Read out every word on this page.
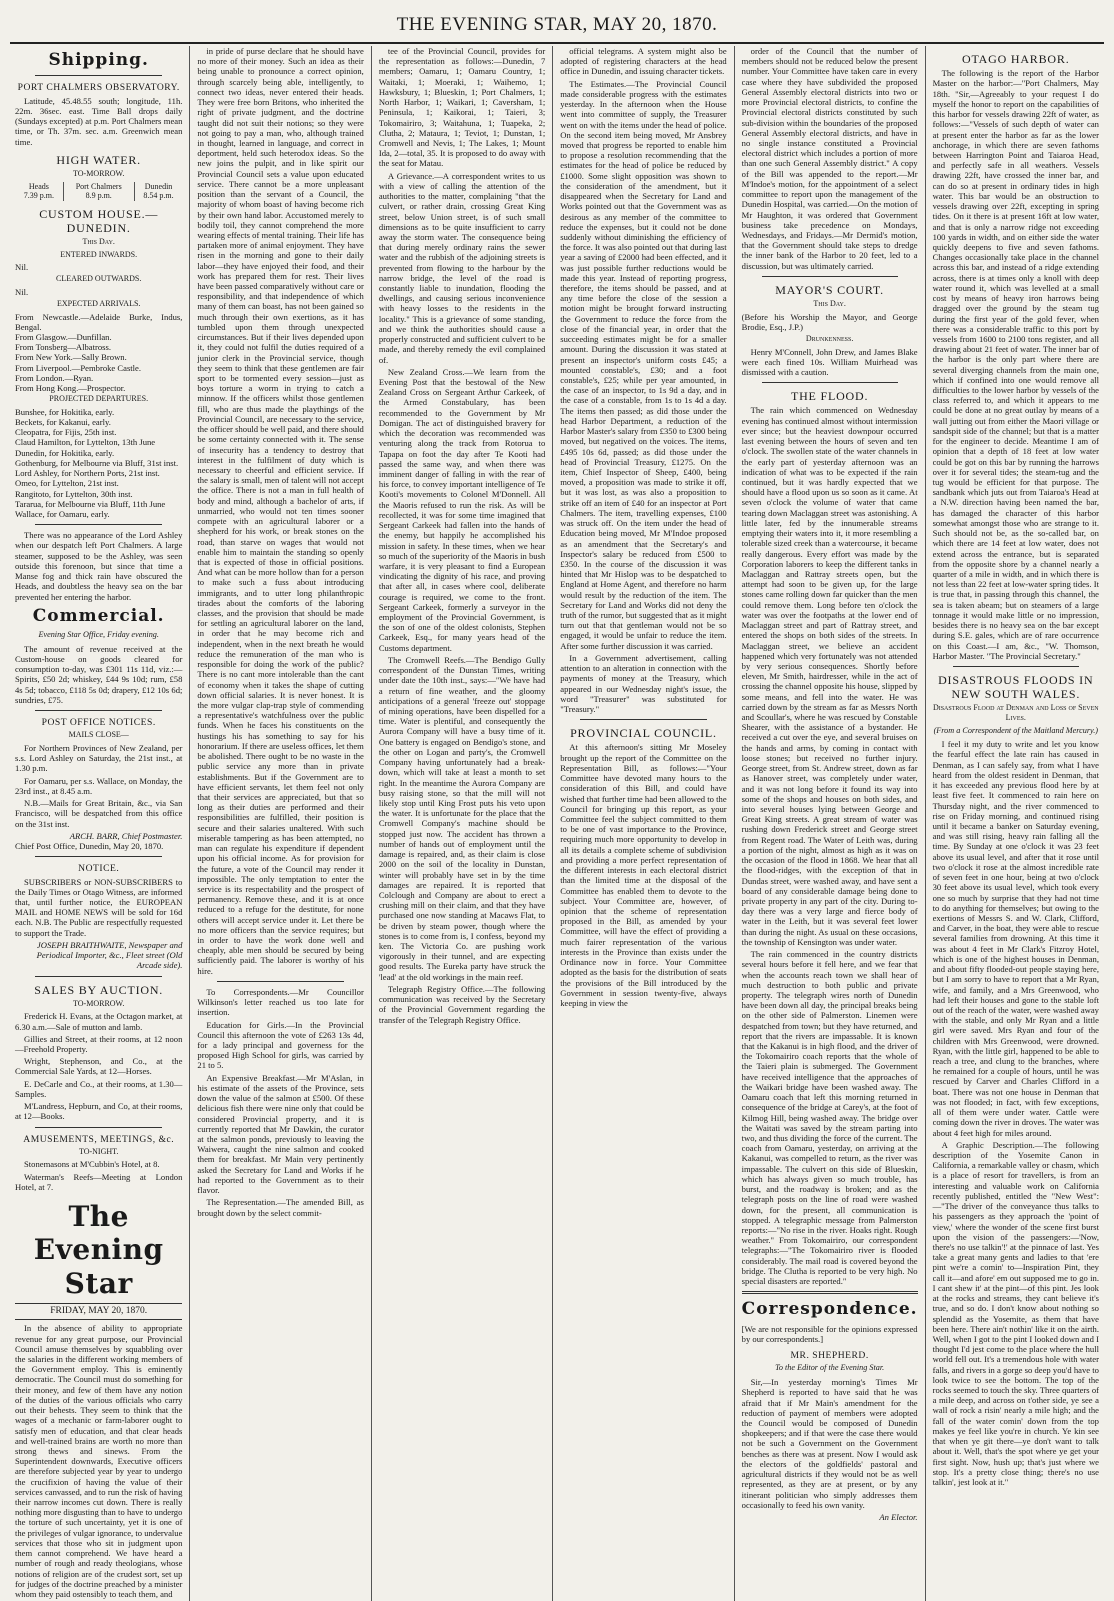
THE EVENING STAR, MAY 20, 1870.
Shipping.
PORT CHALMERS OBSERVATORY.

Latitude, 45.48.55 south; longitude, 11h. 22m. 36sec. east. Time Ball drops daily (Sundays excepted) at p.m. Port Chalmers mean time, or Th. 37m. sec. a.m. Greenwich mean time.

HIGH WATER.
TO-MORROW.
Heads	Port Chalmers	Dunedin
7.39 p.m.	8.9 p.m.	8.54 p.m.
CUSTOM HOUSE.—DUNEDIN.
This Day.
ENTERED INWARDS.

Nil.

CLEARED OUTWARDS.

Nil.

EXPECTED ARRIVALS.
From Newcastle.—Adelaide Burke, Indus, Bengal.
From Glasgow.—Dunfillan.
From Tonsberg—Albatross.
From New York.—Sally Brown.
From Liverpool.—Pembroke Castle.
From London.—Ryan.
From Hong Kong.—Prospector.
PROJECTED DEPARTURES.
Bunshee, for Hokitika, early.
Beckets, for Kakanui, early.
Cleopatra, for Fijis, 25th inst.
Claud Hamilton, for Lyttelton, 13th June
Dunedin, for Hokitika, early.
Gothenburg, for Melbourne via Bluff, 31st inst.
Lord Ashley, for Northern Ports, 21st inst.
Omeo, for Lyttelton, 21st inst.
Rangitoto, for Lyttelton, 30th inst.
Tararua, for Melbourne via Bluff, 11th June
Wallace, for Oamaru, early.

There was no appearance of the Lord Ashley when our despatch left Port Chalmers. A large steamer, supposed to be the Ashley, was seen outside this forenoon, but since that time a Manse fog and thick rain have obscured the Heads, and doubtless the heavy sea on the bar prevented her entering the harbor.

Commercial.
Evening Star Office, Friday evening.

The amount of revenue received at the Custom-house on goods cleared for consumption to-day, was £301 11s 11d, viz.:—Spirits, £50 2d; whiskey, £44 9s 10d; rum, £58 4s 5d; tobacco, £118 5s 0d; drapery, £12 10s 6d; sundries, £75.

POST OFFICE NOTICES.
MAILS CLOSE—

For Northern Provinces of New Zealand, per s.s. Lord Ashley on Saturday, the 21st inst., at 1.30 p.m.

For Oamaru, per s.s. Wallace, on Monday, the 23rd inst., at 8.45 a.m.

N.B.—Mails for Great Britain, &c., via San Francisco, will be despatched from this office on the 31st inst.

ARCH. BARR, Chief Postmaster.

Chief Post Office, Dunedin, May 20, 1870.

NOTICE.

SUBSCRIBERS or NON-SUBSCRIBERS to the Daily Times or Otago Witness, are informed that, until further notice, the EUROPEAN MAIL and HOME NEWS will be sold for 16d each. N.B. The Public are respectfully requested to support the Trade.

JOSEPH BRAITHWAITE, Newspaper and Periodical Importer, &c., Fleet street (Old Arcade side).
SALES BY AUCTION.
TO-MORROW.

Frederick H. Evans, at the Octagon market, at 6.30 a.m.—Sale of mutton and lamb.

Gillies and Street, at their rooms, at 12 noon—Freehold Property.

Wright, Stephenson, and Co., at the Commercial Sale Yards, at 12—Horses.

E. DeCarle and Co., at their rooms, at 1.30—Samples.

M'Landress, Hepburn, and Co, at their rooms, at 12—Books.

AMUSEMENTS, MEETINGS, &c.
TO-NIGHT.

Stonemasons at M'Cubbin's Hotel, at 8.

Waterman's Reefs—Meeting at London Hotel, at 7.

The Evening Star
FRIDAY, MAY 20, 1870.

In the absence of ability to appropriate revenue for any great purpose, our Provincial Council amuse themselves by squabbling over the salaries in the different working members of the Government employ. This is eminently democratic. The Council must do something for their money, and few of them have any notion of the duties of the various officials who carry out their behests. They seem to think that the wages of a mechanic or farm-laborer ought to satisfy men of education, and that clear heads and well-trained brains are worth no more than strong thews and sinews. From the Superintendent downwards, Executive officers are therefore subjected year by year to undergo the crucifixion of having the value of their services canvassed, and to run the risk of having their narrow incomes cut down. There is really nothing more disgusting than to have to undergo the torture of such uncertainty, yet it is one of the privileges of vulgar ignorance, to undervalue services that those who sit in judgment upon them cannot comprehend. We have heard a number of rough and ready theologians, whose notions of religion are of the crudest sort, set up for judges of the doctrine preached by a minister whom they paid ostensibly to teach them, and

in pride of purse declare that he should have no more of their money. Such an idea as their being unable to pronounce a correct opinion, through scarcely being able, intelligently, to connect two ideas, never entered their heads. They were free born Britons, who inherited the right of private judgment, and the doctrine taught did not suit their notions; so they were not going to pay a man, who, although trained in thought, learned in language, and correct in deportment, held such heterodox ideas. So the new joins the pulpit, and in like spirit our Provincial Council sets a value upon educated service. There cannot be a more unpleasant position than the servant of a Council, the majority of whom boast of having become rich by their own hand labor. Accustomed merely to bodily toil, they cannot comprehend the more wearing effects of mental training. Their life has partaken more of animal enjoyment. They have risen in the morning and gone to their daily labor—they have enjoyed their food, and their work has prepared them for rest. Their lives have been passed comparatively without care or responsibility, and that independence of which many of them can boast, has not been gained so much through their own exertions, as it has tumbled upon them through unexpected circumstances. But if their lives depended upon it, they could not fulfil the duties required of a junior clerk in the Provincial service, though they seem to think that these gentlemen are fair sport to be tormented every session—just as boys torture a worm in trying to catch a minnow. If the officers whilst those gentlemen fill, who are thus made the playthings of the Provincial Council, are necessary to the service, the officer should be well paid, and there should be some certainty connected with it. The sense of insecurity has a tendency to destroy that interest in the fulfilment of duty which is necessary to cheerful and efficient service. If the salary is small, men of talent will not accept the office. There is not a man in full health of body and mind, although a bachelor of arts, if unmarried, who would not ten times sooner compete with an agricultural laborer or a shepherd for his work, or break stones on the road, than starve on wages that would not enable him to maintain the standing so openly that is expected of those in official positions. And what can be more hollow than for a person to make such a fuss about introducing immigrants, and to utter long philanthropic tirades about the comforts of the laboring classes, and the provision that should be made for settling an agricultural laborer on the land, in order that he may become rich and independent, when in the next breath he would reduce the remuneration of the man who is responsible for doing the work of the public? There is no cant more intolerable than the cant of economy when it takes the shape of cutting down official salaries. It is never honest. It is the more vulgar clap-trap style of commending a representative's watchfulness over the public funds. When he faces his constituents on the hustings his has something to say for his honorarium. If there are useless offices, let them be abolished. There ought to be no waste in the public service any more than in private establishments. But if the Government are to have efficient servants, let them feel not only that their services are appreciated, but that so long as their duties are performed and their responsibilities are fulfilled, their position is secure and their salaries unaltered. With such miserable tampering as has been attempted, no man can regulate his expenditure if dependent upon his official income. As for provision for the future, a vote of the Council may render it impossible. The only temptation to enter the service is its respectability and the prospect of permanency. Remove these, and it is at once reduced to a refuge for the destitute, for none others will accept service under it. Let there be no more officers than the service requires; but in order to have the work done well and cheaply, able men should be secured by being sufficiently paid. The laborer is worthy of his hire.

To Correspondents.—Mr Councillor Wilkinson's letter reached us too late for insertion.

Education for Girls.—In the Provincial Council this afternoon the vote of £263 13s 4d, for a lady principal and governess for the proposed High School for girls, was carried by 21 to 5.

An Expensive Breakfast.—Mr M'Aslan, in his estimate of the assets of the Province, sets down the value of the salmon at £500. Of these delicious fish there were nine only that could be considered Provincial property, and it is currently reported that Mr Dawkin, the curator at the salmon ponds, previously to leaving the Waiwera, caught the nine salmon and cooked them for breakfast. Mr Main very pertinently asked the Secretary for Land and Works if he had reported to the Government as to their flavor.

The Representation.—The amended Bill, as brought down by the select commit-

tee of the Provincial Council, provides for the representation as follows:—Dunedin, 7 members; Oamaru, 1; Oamaru Country, 1; Waitaki, 1; Moeraki, 1; Waihemo, 1; Hawksbury, 1; Blueskin, 1; Port Chalmers, 1; North Harbor, 1; Waikari, 1; Caversham, 1; Peninsula, 1; Kaikorai, 1; Taieri, 3; Tokomairiro, 3; Waitahuna, 1; Tuapeka, 2; Clutha, 2; Mataura, 1; Teviot, 1; Dunstan, 1; Cromwell and Nevis, 1; The Lakes, 1; Mount Ida, 2—total, 35. It is proposed to do away with the seat for Matau.

A Grievance.—A correspondent writes to us with a view of calling the attention of the authorities to the matter, complaining "that the culvert, or rather drain, crossing Great King street, below Union street, is of such small dimensions as to be quite insufficient to carry away the storm water. The consequence being that during merely ordinary rains the sewer water and the rubbish of the adjoining streets is prevented from flowing to the harbour by the narrow bridge, the level of the road is constantly liable to inundation, flooding the dwellings, and causing serious inconvenience with heavy losses to the residents in the locality." This is a grievance of some standing, and we think the authorities should cause a properly constructed and sufficient culvert to be made, and thereby remedy the evil complained of.

New Zealand Cross.—We learn from the Evening Post that the bestowal of the New Zealand Cross on Sergeant Arthur Carkeek, of the Armed Constabulary, has been recommended to the Government by Mr Domigan. The act of distinguished bravery for which the decoration was recommended was venturing along the track from Rotorua to Tapapa on foot the day after Te Kooti had passed the same way, and when there was imminent danger of falling in with the rear of his force, to convey important intelligence of Te Kooti's movements to Colonel M'Donnell. All the Maoris refused to run the risk. As will be recollected, it was for some time imagined that Sergeant Carkeek had fallen into the hands of the enemy, but happily he accomplished his mission in safety. In these times, when we hear so much of the superiority of the Maoris in bush warfare, it is very pleasant to find a European vindicating the dignity of his race, and proving that after all, in cases where cool, deliberate courage is required, we come to the front. Sergeant Carkeek, formerly a surveyor in the employment of the Provincial Government, is the son of one of the oldest colonists, Stephen Carkeek, Esq., for many years head of the Customs department.

The Cromwell Reefs.—The Bendigo Gully correspondent of the Dunstan Times, writing under date the 10th inst., says:—"We have had a return of fine weather, and the gloomy anticipations of a general 'freeze out' stoppage of mining operations, have been dispelled for a time. Water is plentiful, and consequently the Aurora Company will have a busy time of it. One battery is engaged on Bendigo's stone, and the other on Logan and party's, the Cromwell Company having unfortunately had a break-down, which will take at least a month to set right. In the meantime the Aurora Company are busy raising stone, so that the mill will not likely stop until King Frost puts his veto upon the water. It is unfortunate for the place that the Cromwell Company's machine should be stopped just now. The accident has thrown a number of hands out of employment until the damage is repaired, and, as their claim is close 2000 on the soil of the locality in Dunstan, winter will probably have set in by the time damages are repaired. It is reported that Colclough and Company are about to erect a crushing mill on their claim, and that they have purchased one now standing at Macaws Flat, to be driven by steam power, though where the stones is to come from is, I confess, beyond my ken. The Victoria Co. are pushing work vigorously in their tunnel, and are expecting good results. The Eureka party have struck the 'lead' at the old workings in the main reef.

Telegraph Registry Office.—The following communication was received by the Secretary of the Provincial Government regarding the transfer of the Telegraph Registry Office.

official telegrams. A system might also be adopted of registering characters at the head office in Dunedin, and issuing character tickets.

The Estimates.—The Provincial Council made considerable progress with the estimates yesterday. In the afternoon when the House went into committee of supply, the Treasurer went on with the items under the head of police. On the second item being moved, Mr Ansbrey moved that progress be reported to enable him to propose a resolution recommending that the estimates for the head of police be reduced by £1000. Some slight opposition was shown to the consideration of the amendment, but it disappeared when the Secretary for Land and Works pointed out that the Government was as desirous as any member of the committee to reduce the expenses, but it could not be done suddenly without diminishing the efficiency of the force. It was also pointed out that during last year a saving of £2000 had been effected, and it was just possible further reductions would be made this year. Instead of reporting progress, therefore, the items should be passed, and at any time before the close of the session a motion might be brought forward instructing the Government to reduce the force from the close of the financial year, in order that the succeeding estimates might be for a smaller amount. During the discussion it was stated at present an inspector's uniform costs £45; a mounted constable's, £30; and a foot constable's, £25; while per year amounted, in the case of an inspector, to 1s 9d a day, and in the case of a constable, from 1s to 1s 4d a day. The items then passed; as did those under the head Harbor Department, a reduction of the Harbor Master's salary from £350 to £300 being moved, but negatived on the voices. The items, £495 10s 6d, passed; as did those under the head of Provincial Treasury, £1275. On the item, Chief Inspector of Sheep, £400, being moved, a proposition was made to strike it off, but it was lost, as was also a proposition to strike off an item of £40 for an inspector at Port Chalmers. The item, travelling expenses, £100 was struck off. On the item under the head of Education being moved, Mr M'Indoe proposed as an amendment that the Secretary's and Inspector's salary be reduced from £500 to £350. In the course of the discussion it was hinted that Mr Hislop was to be despatched to England at Home Agent, and therefore no harm would result by the reduction of the item. The Secretary for Land and Works did not deny the truth of the rumor, but suggested that as it might turn out that that gentleman would not be so engaged, it would be unfair to reduce the item. After some further discussion it was carried.

In a Government advertisement, calling attention to an alteration in connection with the payments of money at the Treasury, which appeared in our Wednesday night's issue, the word "Treasurer" was substituted for "Treasury."

PROVINCIAL COUNCIL.

At this afternoon's sitting Mr Moseley brought up the report of the Committee on the Representation Bill, as follows:—"Your Committee have devoted many hours to the consideration of this Bill, and could have wished that further time had been allowed to the Council for bringing up this report, as your Committee feel the subject committed to them to be one of vast importance to the Province, requiring much more opportunity to develop in all its details a complete scheme of subdivision and providing a more perfect representation of the different interests in each electoral district than the limited time at the disposal of the Committee has enabled them to devote to the subject. Your Committee are, however, of opinion that the scheme of representation proposed in the Bill, as amended by your Committee, will have the effect of providing a much fairer representation of the various interests in the Province than exists under the Ordinance now in force. Your Committee adopted as the basis for the distribution of seats the provisions of the Bill introduced by the Government in session twenty-five, always keeping in view the

order of the Council that the number of members should not be reduced below the present number. Your Committee have taken care in every case where they have subdivided the proposed General Assembly electoral districts into two or more Provincial electoral districts, to confine the Provincial electoral districts constituted by such sub-division within the boundaries of the proposed General Assembly electoral districts, and have in no single instance constituted a Provincial electoral district which includes a portion of more than one such General Assembly district." A copy of the Bill was appended to the report.—Mr M'Indoe's motion, for the appointment of a select committee to report upon the management of the Dunedin Hospital, was carried.—On the motion of Mr Haughton, it was ordered that Government business take precedence on Mondays, Wednesdays, and Fridays.—Mr Dermid's motion, that the Government should take steps to dredge the inner bank of the Harbor to 20 feet, led to a discussion, but was ultimately carried.

MAYOR'S COURT.
This Day.

(Before his Worship the Mayor, and George Brodie, Esq., J.P.)

Drunkenness.

Henry M'Connell, John Drew, and James Blake were each fined 10s. William Muirhead was dismissed with a caution.

THE FLOOD.

The rain which commenced on Wednesday evening has continued almost without intermission ever since; but the heaviest downpour occurred last evening between the hours of seven and ten o'clock. The swollen state of the water channels in the early part of yesterday afternoon was an indication of what was to be expected if the rain continued, but it was hardly expected that we should have a flood upon us so soon as it came. At seven o'clock the volume of water that came tearing down Maclaggan street was astonishing. A little later, fed by the innumerable streams emptying their waters into it, it more resembling a tolerable sized creek than a watercourse, it became really dangerous. Every effort was made by the Corporation laborers to keep the different tanks in Maclaggan and Rattray streets open, but the attempt had soon to be given up, for the large stones came rolling down far quicker than the men could remove them. Long before ten o'clock the water was over the footpaths at the lower end of Maclaggan street and part of Rattray street, and entered the shops on both sides of the streets. In Maclaggan street, we believe an accident happened which very fortunately was not attended by very serious consequences. Shortly before eleven, Mr Smith, hairdresser, while in the act of crossing the channel opposite his house, slipped by some means, and fell into the water. He was carried down by the stream as far as Messrs North and Scoullar's, where he was rescued by Constable Shearer, with the assistance of a bystander. He received a cut over the eye, and several bruises on the hands and arms, by coming in contact with loose stones; but received no further injury. George street, from St. Andrew street, down as far as Hanover street, was completely under water, and it was not long before it found its way into some of the shops and houses on both sides, and into several houses lying between George and Great King streets. A great stream of water was rushing down Frederick street and George street from Regent road. The Water of Leith was, during a portion of the night, almost as high as it was on the occasion of the flood in 1868. We hear that all the flood-ridges, with the exception of that in Dundas street, were washed away, and have sent a board of any considerable damage being done to private property in any part of the city. During to-day there was a very large and fierce body of water in the Leith, but it was several feet lower than during the night. As usual on these occasions, the township of Kensington was under water.

The rain commenced in the country districts several hours before it fell here, and we fear that when the accounts reach town we shall hear of much destruction to both public and private property. The telegraph wires north of Dunedin have been down all day, the principal breaks being on the other side of Palmerston. Linemen were despatched from town; but they have returned, and report that the rivers are impassable. It is known that the Kakanui is in high flood, and the driver of the Tokomairiro coach reports that the whole of the Taieri plain is submerged. The Government have received intelligence that the approaches of the Waikari bridge have been washed away. The Oamaru coach that left this morning returned in consequence of the bridge at Carey's, at the foot of Kilmog Hill, being washed away. The bridge over the Waitati was saved by the stream parting into two, and thus dividing the force of the current. The coach from Oamaru, yesterday, on arriving at the Kakanui, was compelled to return, as the river was impassable. The culvert on this side of Blueskin, which has always given so much trouble, has burst, and the roadway is broken; and as the telegraph posts on the line of road were washed down, for the present, all communication is stopped. A telegraphic message from Palmerston reports:—"No rise in the river. Hoaks right. Rough weather." From Tokomairiro, our correspondent telegraphs:—"The Tokomairiro river is flooded considerably. The mail road is covered beyond the bridge. The Clutha is reported to be very high. No special disasters are reported."

Correspondence.

[We are not responsible for the opinions expressed by our correspondents.]

MR. SHEPHERD.
To the Editor of the Evening Star.

Sir,—In yesterday morning's Times Mr Shepherd is reported to have said that he was afraid that if Mr Main's amendment for the reduction of payment of members were adopted the Council would be composed of Dunedin shopkeepers; and if that were the case there would not be such a Government on the Government benches as there was at present. Now I would ask the electors of the goldfields' pastoral and agricultural districts if they would not be as well represented, as they are at present, or by any itinerant politician who simply addresses them occasionally to feed his own vanity.

An Elector.
OTAGO HARBOR.

The following is the report of the Harbor Master on the harbor:—"Port Chalmers, May 18th. "Sir,—Agreeably to your request I do myself the honor to report on the capabilities of this harbor for vessels drawing 22ft of water, as follows:—"Vessels of such depth of water can at present enter the harbor as far as the lower anchorage, in which there are seven fathoms between Harrington Point and Taiaroa Head, and perfectly safe in all weathers. Vessels drawing 22ft, have crossed the inner bar, and can do so at present in ordinary tides in high water. This bar would be an obstruction to vessels drawing over 22ft, excepting in spring tides. On it there is at present 16ft at low water, and that is only a narrow ridge not exceeding 100 yards in width, and on either side the water quickly deepens to five and seven fathoms. Changes occasionally take place in the channel across this bar, and instead of a ridge extending across, there is at times only a knoll with deep water round it, which was levelled at a small cost by means of heavy iron harrows being dragged over the ground by the steam tug during the first year of the gold fever, when there was a considerable traffic to this port by vessels from 1600 to 2100 tons register, and all drawing about 21 feet of water. The inner bar of the harbor is the only part where there are several diverging channels from the main one, which if confined into one would remove all difficulties to the lower harbor by vessels of the class referred to, and which it appears to me could be done at no great outlay by means of a wall jutting out from either the Maori village or sandspit side of the channel; but that is a matter for the engineer to decide. Meantime I am of opinion that a depth of 18 feet at low water could be got on this bar by running the harrows over it for several tides; the steam-tug and the tug would be efficient for that purpose. The sandbank which juts out from Taiaroa's Head at a N.W. direction having been named the bar, has damaged the character of this harbor somewhat amongst those who are strange to it. Such should not be, as the so-called bar, on which there are 14 feet at low water, does not extend across the entrance, but is separated from the opposite shore by a channel nearly a quarter of a mile in width, and in which there is not less than 22 feet at low-water spring tides. It is true that, in passing through this channel, the sea is taken abeam; but on steamers of a large tonnage it would make little or no impression, besides there is no heavy sea on the bar except during S.E. gales, which are of rare occurrence on this Coast.—I am, &c., "W. Thomson, Harbor Master. "The Provincial Secretary."

DISASTROUS FLOODS IN NEW SOUTH WALES.
Disastrous Flood at Denman and Loss of Seven Lives.
(From a Correspondent of the Maitland Mercury.)

I feel it my duty to write and let you know the fearful effect the late rain has caused in Denman, as I can safely say, from what I have heard from the oldest resident in Denman, that it has exceeded any previous flood here by at least five feet. It commenced to rain here on Thursday night, and the river commenced to rise on Friday morning, and continued rising until it became a banker on Saturday evening, and was still rising, heavy rain falling all the time. By Sunday at one o'clock it was 23 feet above its usual level, and after that it rose until two o'clock it rose at the almost incredible rate of seven feet in one hour, being at two o'clock 30 feet above its usual level, which took every one so much by surprise that they had not time to do anything for themselves; but owing to the exertions of Messrs S. and W. Clark, Clifford, and Carver, in the boat, they were able to rescue several families from drowning. At this time it was about 4 feet in Mr Clark's Fitzroy Hotel, which is one of the highest houses in Denman, and about fifty flooded-out people staying here, but I am sorry to have to report that a Mr Ryan, wife, and family, and a Mrs Greenwood, who had left their houses and gone to the stable loft out of the reach of the water, were washed away with the stable, and only Mr Ryan and a little girl were saved. Mrs Ryan and four of the children with Mrs Greenwood, were drowned. Ryan, with the little girl, happened to be able to reach a tree, and clung to the branches, where he remained for a couple of hours, until he was rescued by Carver and Charles Clifford in a boat. There was not one house in Denman that was not flooded; in fact, with few exceptions, all of them were under water. Cattle were coming down the river in droves. The water was about 4 feet high for miles around.

A Graphic Description.—The following description of the Yosemite Canon in California, a remarkable valley or chasm, which is a place of resort for travellers, is from an interesting and valuable work on California recently published, entitled the "New West":—"The driver of the conveyance thus talks to his passengers as they approach the 'point of view,' where the wonder of the scene first burst upon the vision of the passengers:—'Now, there's no use talkin'!' at the pinnace of last. Yes take a great many gents and ladies to that 'ere pint we're a comin' to—Inspiration Pint, they call it—and afore' em out supposed me to go in. I cant shew it' at the pint—of this pint. Jes look at the rocks and streams, they cant believe it's true, and so do. I don't know about nothing so splendid as the Yosemite, as them that have been here. There ain't nothin' like it on the airth. Well, when I got to the pint I looked down and I thought I'd jest come to the place where the hull world fell out. It's a tremendous hole with water falls, and rivers in a gorge so deep you'd have to look twice to see the bottom. The top of the rocks seemed to touch the sky. Three quarters of a mile deep, and across on t'other side, ye see a wall of rock a risin' nearly a mile high; and the fall of the water comin' down from the top makes ye feel like you're in church. Ye kin see that when ye git there—ye don't want to talk about it. Well, that's the spot where ye get your first sight. Now, hush up; that's just where we stop. It's a pretty close thing; there's no use talkin', jest look at it."
